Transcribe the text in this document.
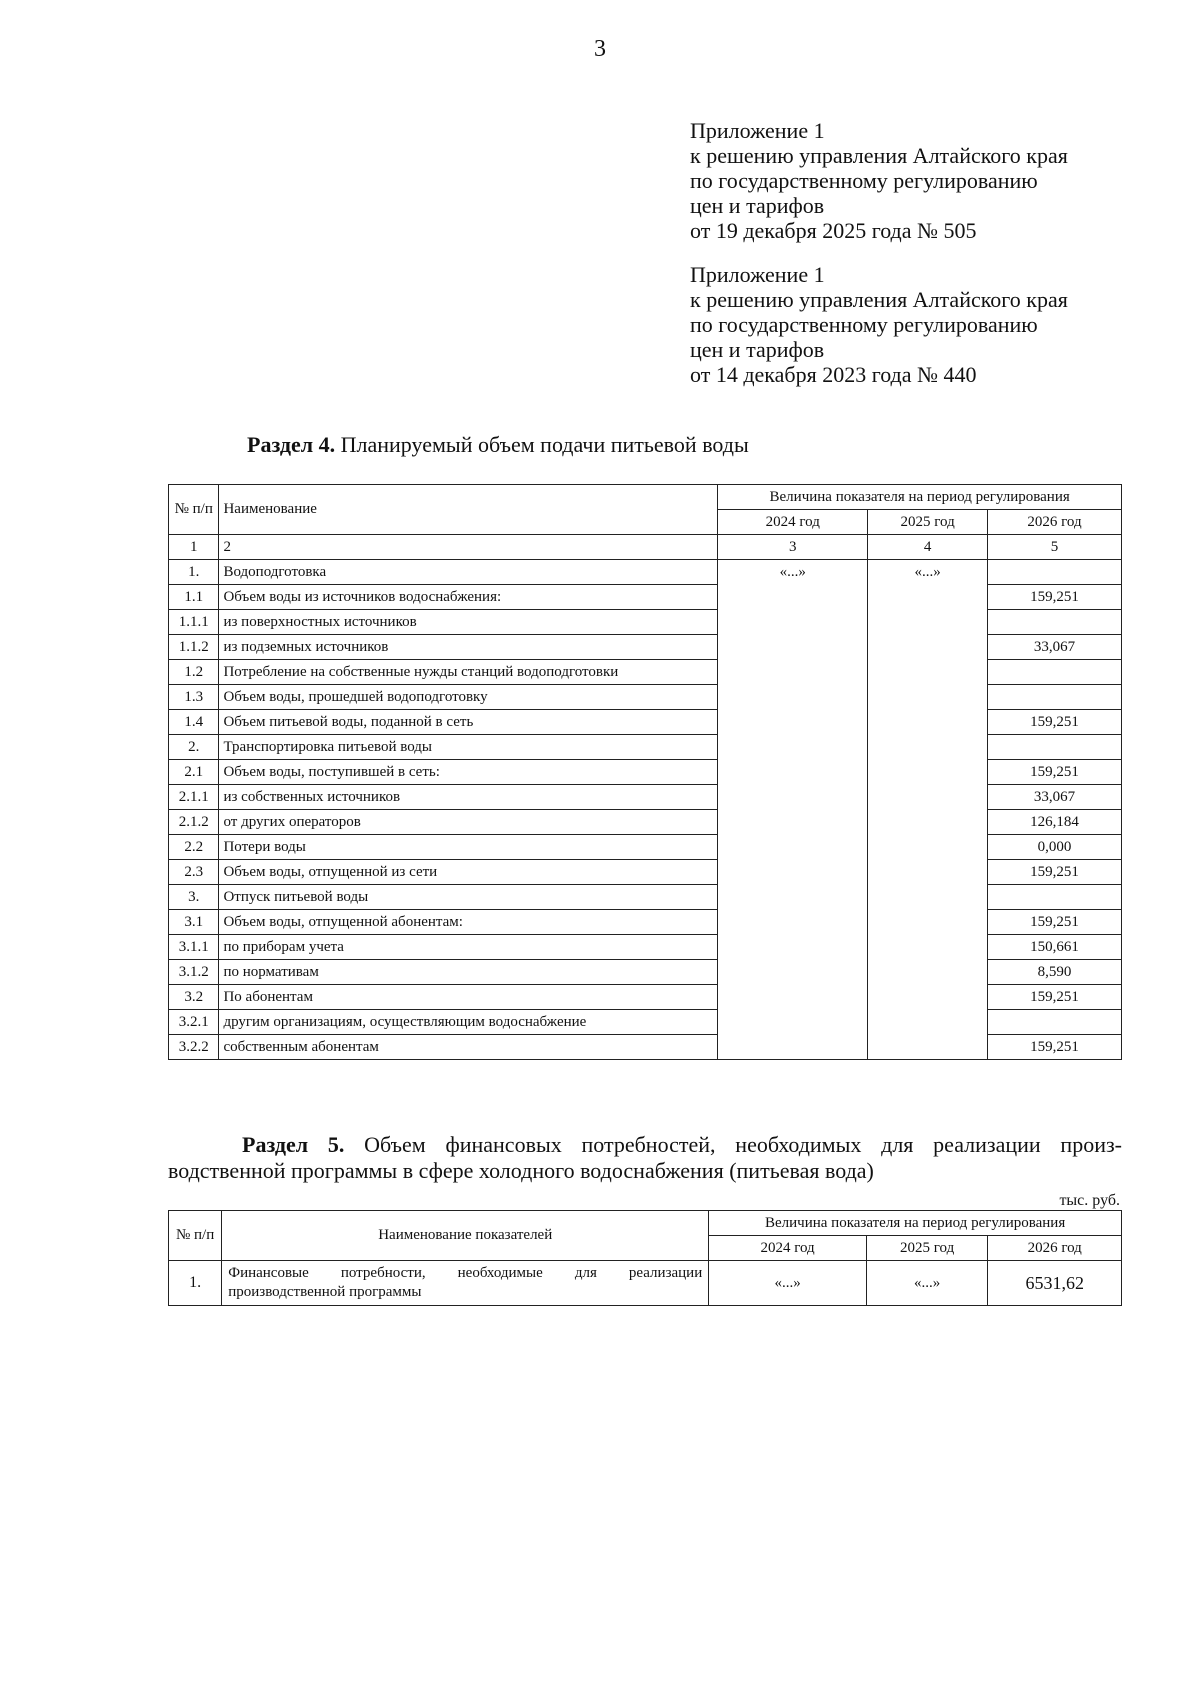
3
Приложение 1
к решению управления Алтайского края
по государственному регулированию
цен и тарифов
от 19 декабря 2025 года № 505
Приложение 1
к решению управления Алтайского края
по государственному регулированию
цен и тарифов
от 14 декабря 2023 года № 440
Раздел 4. Планируемый объем подачи питьевой воды
№ п/п	Наименование	Величина показателя на период регулирования		
		2024 год	2025 год	2026 год
1	2	3	4	5
1.	Водоподготовка	«...»	«...»	
1.1	Объем воды из источников водоснабжения:			159,251
1.1.1	из поверхностных источников			
1.1.2	из подземных источников			33,067
1.2	Потребление на собственные нужды станций водоподготовки			
1.3	Объем воды, прошедшей водоподготовку			
1.4	Объем питьевой воды, поданной в сеть			159,251
2.	Транспортировка питьевой воды			
2.1	Объем воды, поступившей в сеть:			159,251
2.1.1	из собственных источников			33,067
2.1.2	от других операторов			126,184
2.2	Потери воды			0,000
2.3	Объем воды, отпущенной из сети			159,251
3.	Отпуск питьевой воды			
3.1	Объем воды, отпущенной абонентам:			159,251
3.1.1	по приборам учета			150,661
3.1.2	по нормативам			8,590
3.2	По абонентам			159,251
3.2.1	другим организациям, осуществляющим водоснабжение			
3.2.2	собственным абонентам			159,251
Раздел 5. Объем финансовых потребностей, необходимых для реализации произ-
водственной программы в сфере холодного водоснабжения (питьевая вода)
тыс. руб.
№ п/п	Наименование показателей	Величина показателя на период регулирования		
		2024 год	2025 год	2026 год
1.	Финансовые потребности, необходимые для реализации производственной программы	«...»	«...»	6531,62
